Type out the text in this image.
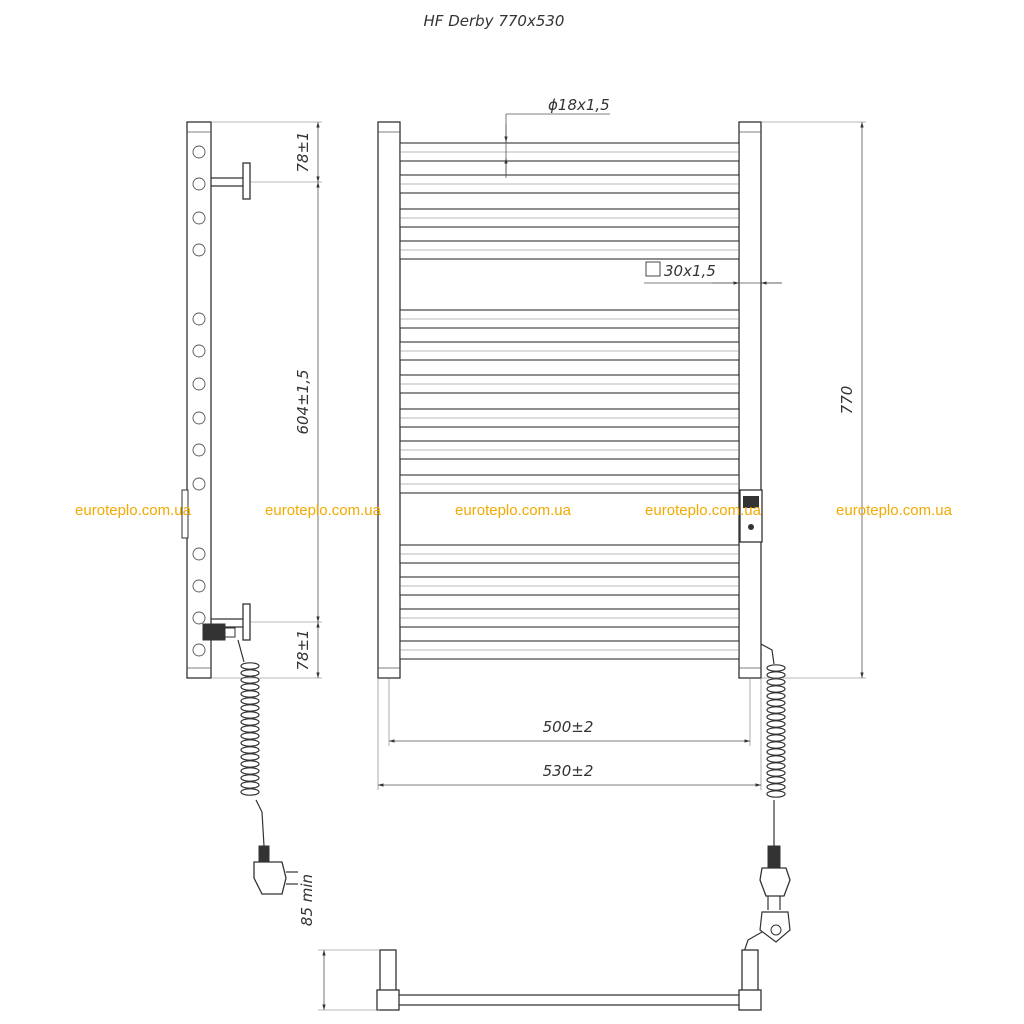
HF Derby 770x530
78±1
604±1,5
78±1
ϕ18x1,5
30x1,5
770
500±2
530±2
85 min
euroteplo.com.ua	euroteplo.com.ua	euroteplo.com.ua	euroteplo.com.ua	euroteplo.com.ua
